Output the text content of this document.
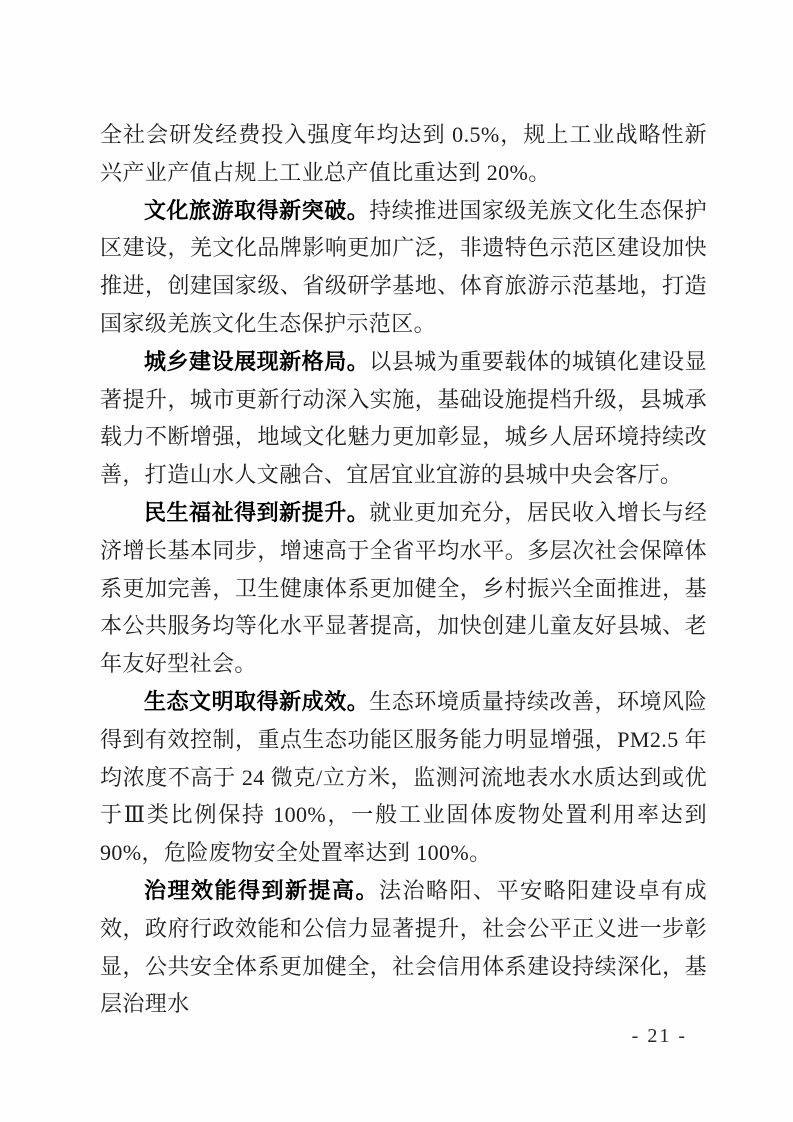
全社会研发经费投入强度年均达到 0.5%，规上工业战略性新兴产业产值占规上工业总产值比重达到 20%。

文化旅游取得新突破。持续推进国家级羌族文化生态保护区建设，羌文化品牌影响更加广泛，非遗特色示范区建设加快推进，创建国家级、省级研学基地、体育旅游示范基地，打造国家级羌族文化生态保护示范区。

城乡建设展现新格局。以县城为重要载体的城镇化建设显著提升，城市更新行动深入实施，基础设施提档升级，县城承载力不断增强，地域文化魅力更加彰显，城乡人居环境持续改善，打造山水人文融合、宜居宜业宜游的县城中央会客厅。

民生福祉得到新提升。就业更加充分，居民收入增长与经济增长基本同步，增速高于全省平均水平。多层次社会保障体系更加完善，卫生健康体系更加健全，乡村振兴全面推进，基本公共服务均等化水平显著提高，加快创建儿童友好县城、老年友好型社会。

生态文明取得新成效。生态环境质量持续改善，环境风险得到有效控制，重点生态功能区服务能力明显增强，PM2.5 年均浓度不高于 24 微克/立方米，监测河流地表水水质达到或优于Ⅲ类比例保持 100%，一般工业固体废物处置利用率达到 90%，危险废物安全处置率达到 100%。

治理效能得到新提高。法治略阳、平安略阳建设卓有成效，政府行政效能和公信力显著提升，社会公平正义进一步彰显，公共安全体系更加健全，社会信用体系建设持续深化，基层治理水

- 21 -
